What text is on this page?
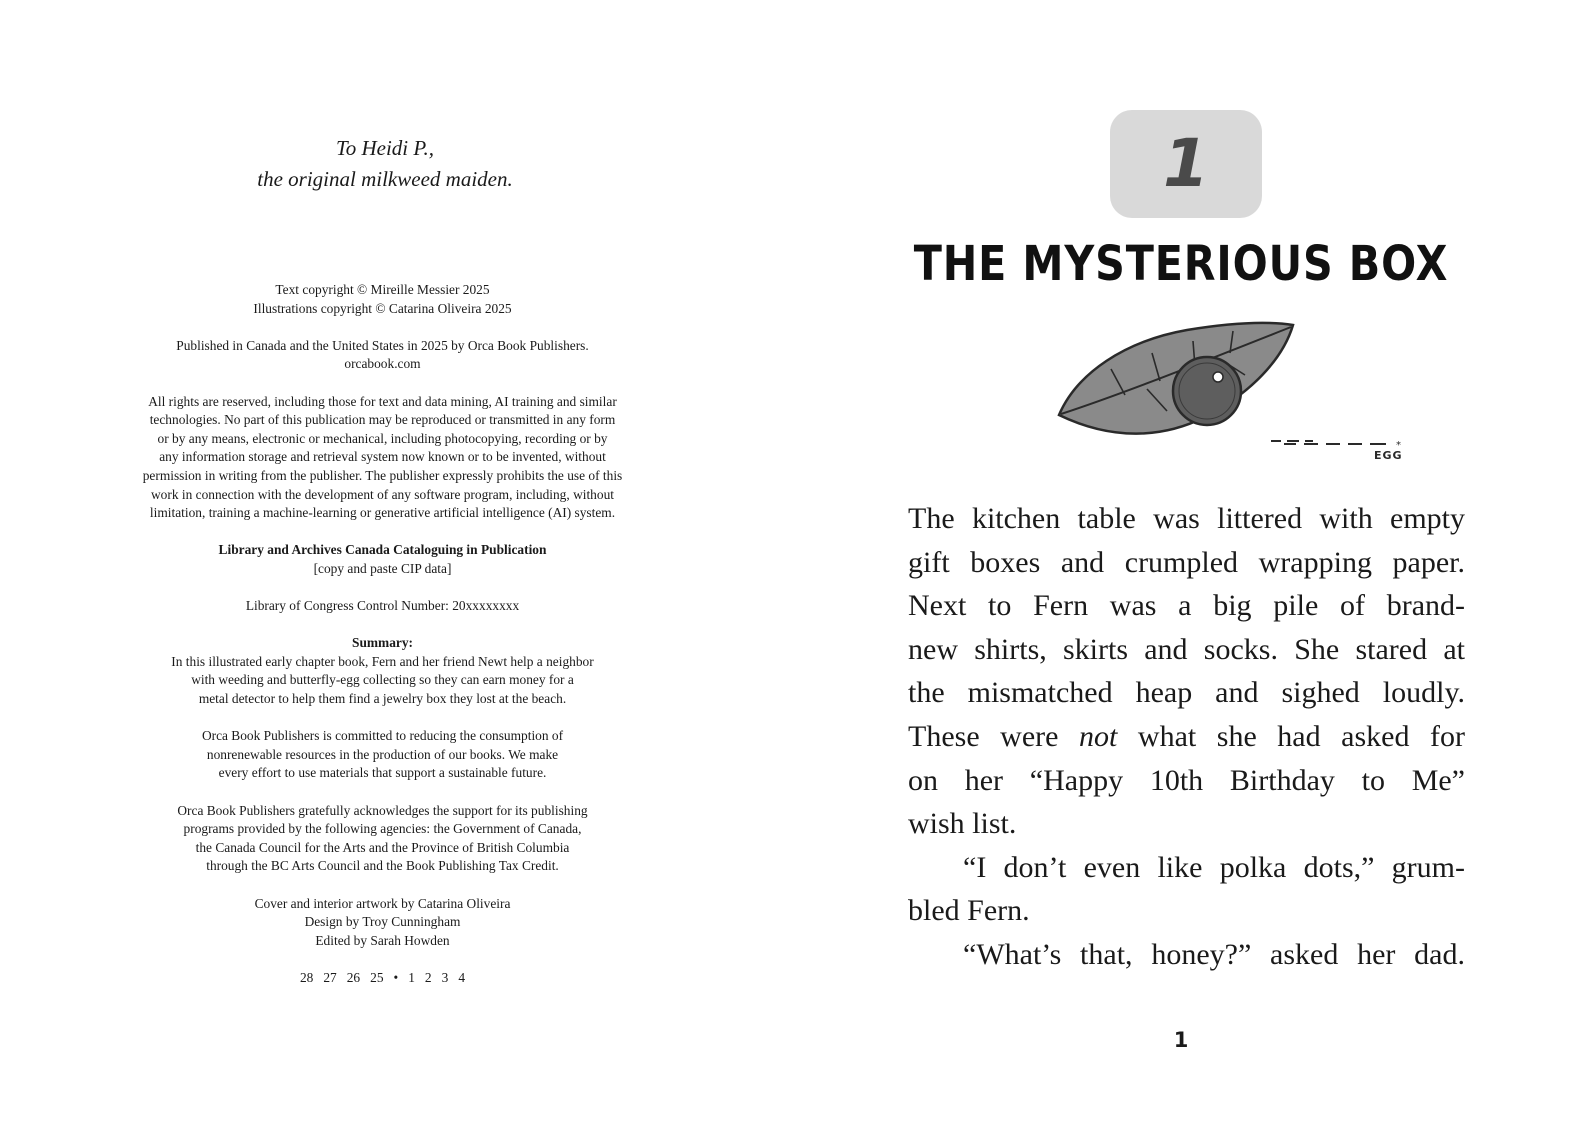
To Heidi P.,
the original milkweed maiden.
Text copyright © Mireille Messier 2025
Illustrations copyright © Catarina Oliveira 2025
Published in Canada and the United States in 2025 by Orca Book Publishers.
orcabook.com
All rights are reserved, including those for text and data mining, AI training and similar
technologies. No part of this publication may be reproduced or transmitted in any form
or by any means, electronic or mechanical, including photocopying, recording or by
any information storage and retrieval system now known or to be invented, without
permission in writing from the publisher. The publisher expressly prohibits the use of this
work in connection with the development of any software program, including, without
limitation, training a machine-learning or generative artificial intelligence (AI) system.
Library and Archives Canada Cataloguing in Publication
[copy and paste CIP data]
Library of Congress Control Number: 20xxxxxxxx
Summary:
In this illustrated early chapter book, Fern and her friend Newt help a neighbor
with weeding and butterfly-egg collecting so they can earn money for a
metal detector to help them find a jewelry box they lost at the beach.
Orca Book Publishers is committed to reducing the consumption of
nonrenewable resources in the production of our books. We make
every effort to use materials that support a sustainable future.
Orca Book Publishers gratefully acknowledges the support for its publishing
programs provided by the following agencies: the Government of Canada,
the Canada Council for the Arts and the Province of British Columbia
through the BC Arts Council and the Book Publishing Tax Credit.
Cover and interior artwork by Catarina Oliveira
Design by Troy Cunningham
Edited by Sarah Howden
28 27 26 25 • 1 2 3 4
1
THE MYSTERIOUS BOX
*
EGG
The kitchen table was littered with empty
gift boxes and crumpled wrapping paper.
Next to Fern was a big pile of brand-
new shirts, skirts and socks. She stared at
the mismatched heap and sighed loudly.
These were not what she had asked for
on her “Happy 10th Birthday to Me”
wish list.
“I don’t even like polka dots,” grum-
bled Fern.
“What’s that, honey?” asked her dad.
1
